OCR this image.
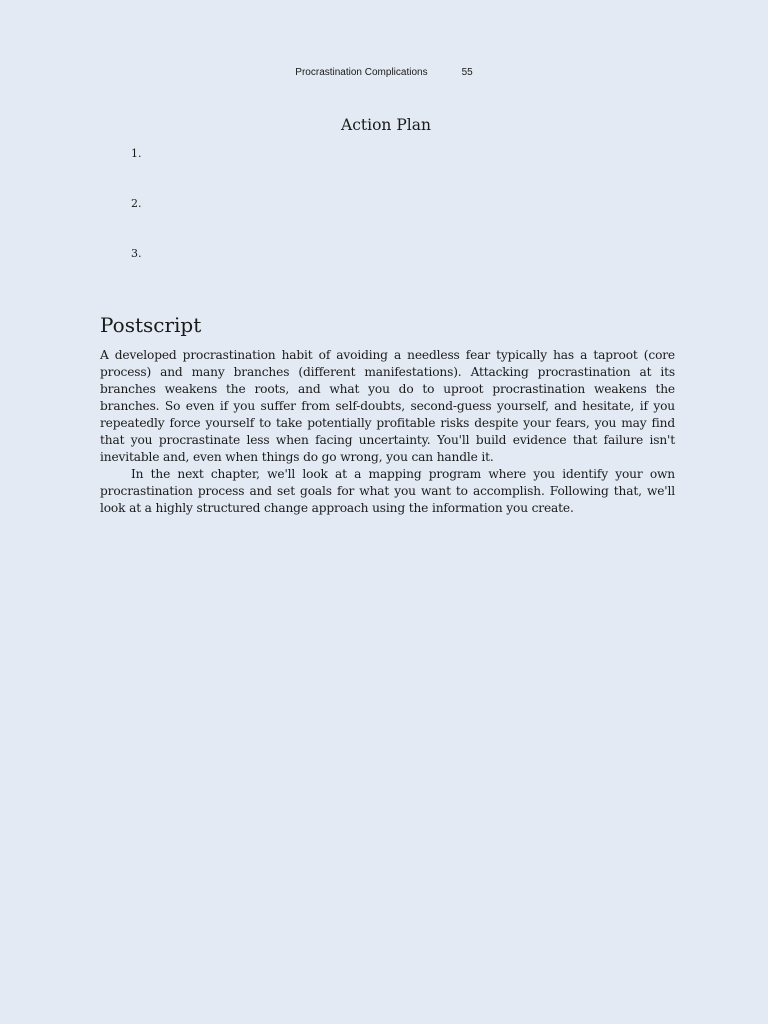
Procrastination Complications	55
Action Plan
1.
2.
3.
Postscript

A developed procrastination habit of avoiding a needless fear typically has a taproot (core process) and many branches (different manifestations). Attacking procrastination at its branches weakens the roots, and what you do to uproot procrastination weakens the branches. So even if you suffer from self-doubts, second-guess yourself, and hesitate, if you repeatedly force yourself to take potentially profitable risks despite your fears, you may find that you procrastinate less when facing uncertainty. You'll build evidence that failure isn't inevitable and, even when things do go wrong, you can handle it.

In the next chapter, we'll look at a mapping program where you identify your own procrastination process and set goals for what you want to accomplish. Following that, we'll look at a highly structured change approach using the information you create.
